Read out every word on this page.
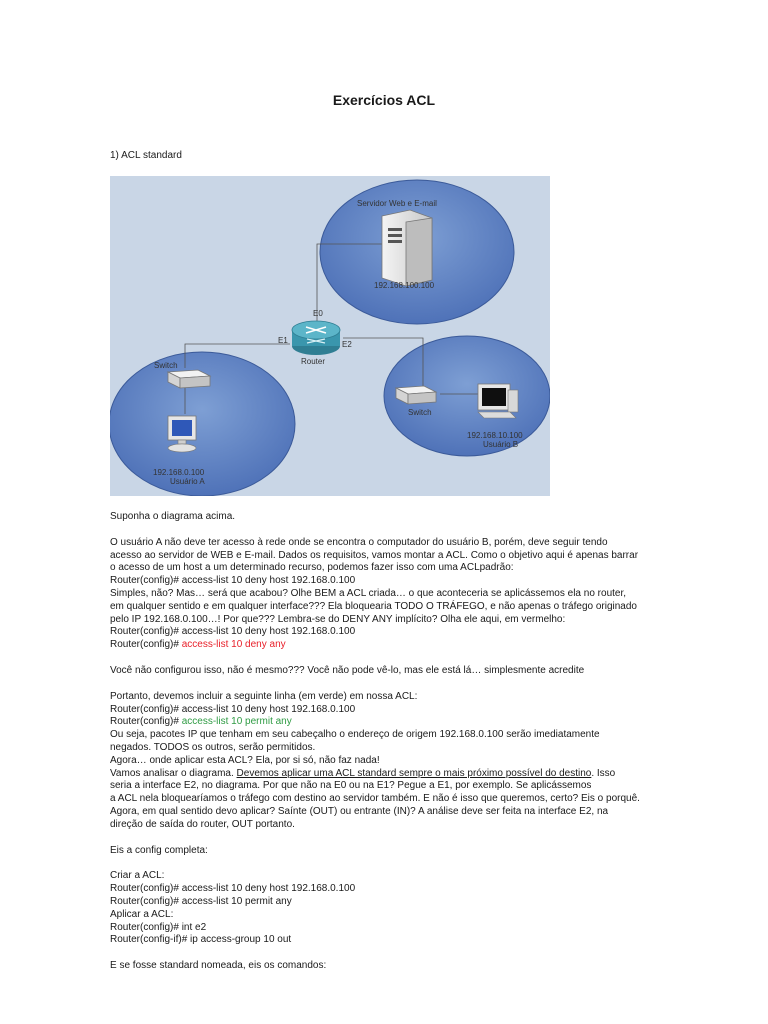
Exercícios ACL
1) ACL standard
Servidor Web e E-mail
192.168.100.100
Router
E0
E1	E2
Switch
192.168.0.100
Usuário A
Switch
192.168.10.100
Usuário B
Suponha o diagrama acima.
O usuário A não deve ter acesso à rede onde se encontra o computador do usuário B, porém, deve seguir tendo
acesso ao servidor de WEB e E-mail. Dados os requisitos, vamos montar a ACL. Como o objetivo aqui é apenas barrar
o acesso de um host a um determinado recurso, podemos fazer isso com uma ACLpadrão:
Router(config)# access-list 10 deny host 192.168.0.100
Simples, não? Mas… será que acabou? Olhe BEM a ACL criada… o que aconteceria se aplicássemos ela no router,
em qualquer sentido e em qualquer interface??? Ela bloquearia TODO O TRÁFEGO, e não apenas o tráfego originado
pelo IP 192.168.0.100…! Por que??? Lembra-se do DENY ANY implícito? Olha ele aqui, em vermelho:
Router(config)# access-list 10 deny host 192.168.0.100
Router(config)# access-list 10 deny any
Você não configurou isso, não é mesmo??? Você não pode vê-lo, mas ele está lá… simplesmente acredite
Portanto, devemos incluir a seguinte linha (em verde) em nossa ACL:
Router(config)# access-list 10 deny host 192.168.0.100
Router(config)# access-list 10 permit any
Ou seja, pacotes IP que tenham em seu cabeçalho o endereço de origem 192.168.0.100 serão imediatamente
negados. TODOS os outros, serão permitidos.
Agora… onde aplicar esta ACL? Ela, por si só, não faz nada!
Vamos analisar o diagrama. Devemos aplicar uma ACL standard sempre o mais próximo possível do destino. Isso
seria a interface E2, no diagrama. Por que não na E0 ou na E1? Pegue a E1, por exemplo. Se aplicássemos
a ACL nela bloquearíamos o tráfego com destino ao servidor também. E não é isso que queremos, certo? Eis o porquê.
Agora, em qual sentido devo aplicar? Saínte (OUT) ou entrante (IN)? A análise deve ser feita na interface E2, na
direção de saída do router, OUT portanto.
Eis a config completa:
Criar a ACL:
Router(config)# access-list 10 deny host 192.168.0.100
Router(config)# access-list 10 permit any
Aplicar a ACL:
Router(config)# int e2
Router(config-if)# ip access-group 10 out
E se fosse standard nomeada, eis os comandos:
